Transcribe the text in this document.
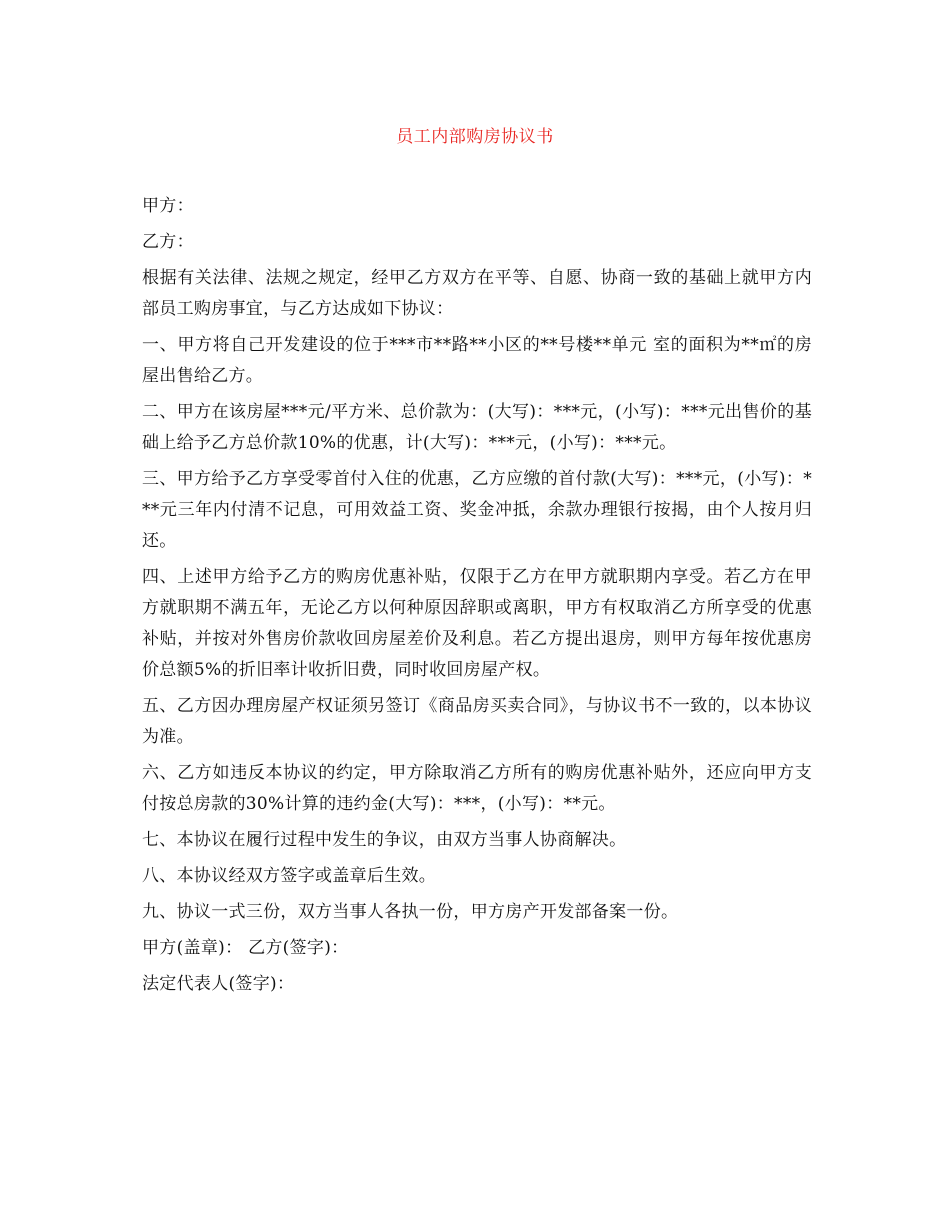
员工内部购房协议书

甲方：

乙方：

根据有关法律、法规之规定，经甲乙方双方在平等、自愿、协商一致的基础上就甲方内部员工购房事宜，与乙方达成如下协议：

一、甲方将自己开发建设的位于***市**路**小区的**号楼**单元 室的面积为**㎡的房屋出售给乙方。

二、甲方在该房屋***元/平方米、总价款为：(大写)：***元，(小写)：***元出售价的基础上给予乙方总价款10%的优惠，计(大写)：***元，(小写)：***元。

三、甲方给予乙方享受零首付入住的优惠，乙方应缴的首付款(大写)：***元，(小写)：***元三年内付清不记息，可用效益工资、奖金冲抵，余款办理银行按揭，由个人按月归还。

四、上述甲方给予乙方的购房优惠补贴，仅限于乙方在甲方就职期内享受。若乙方在甲方就职期不满五年，无论乙方以何种原因辞职或离职，甲方有权取消乙方所享受的优惠补贴，并按对外售房价款收回房屋差价及利息。若乙方提出退房，则甲方每年按优惠房价总额5%的折旧率计收折旧费，同时收回房屋产权。

五、乙方因办理房屋产权证须另签订《商品房买卖合同》，与协议书不一致的，以本协议为准。

六、乙方如违反本协议的约定，甲方除取消乙方所有的购房优惠补贴外，还应向甲方支付按总房款的30%计算的违约金(大写)：***，(小写)：**元。

七、本协议在履行过程中发生的争议，由双方当事人协商解决。

八、本协议经双方签字或盖章后生效。

九、协议一式三份，双方当事人各执一份，甲方房产开发部备案一份。

甲方(盖章)： 乙方(签字)：

法定代表人(签字)：
